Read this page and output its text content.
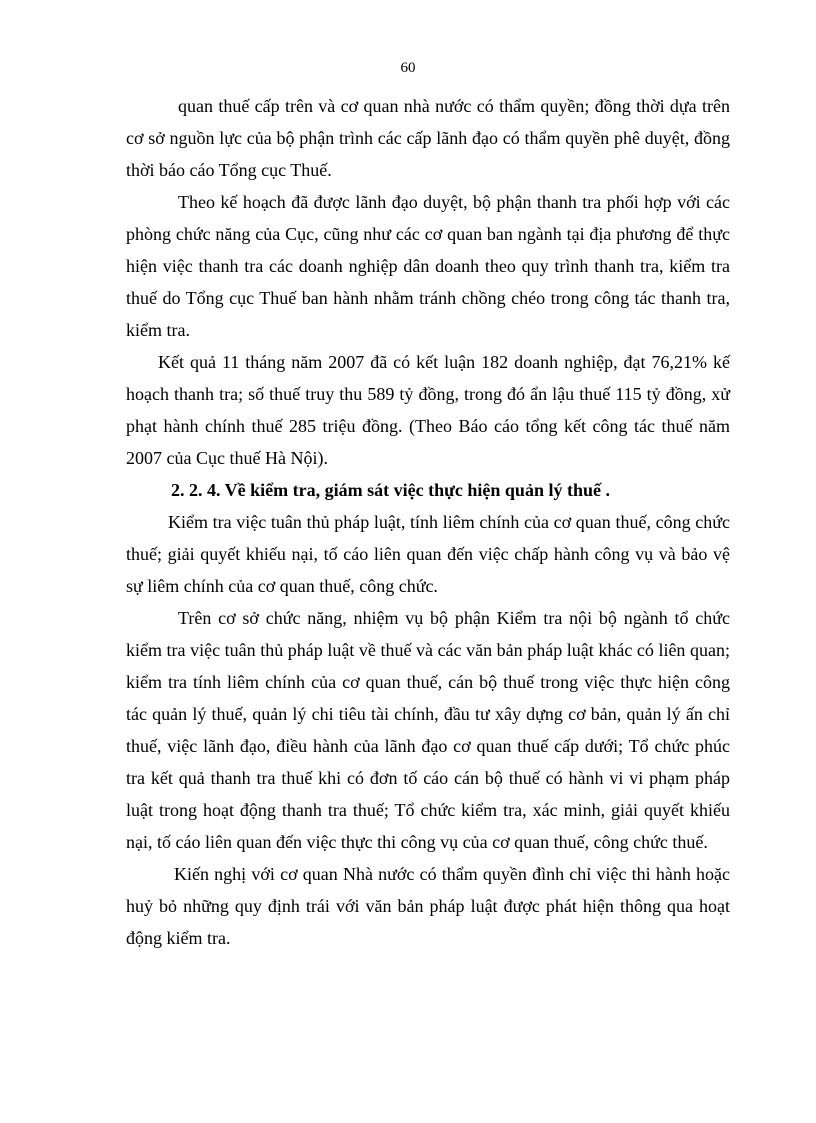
60

quan thuế cấp trên và cơ quan nhà nước có thẩm quyền; đồng thời dựa trên cơ sở nguồn lực của bộ phận trình các cấp lãnh đạo có thẩm quyền phê duyệt, đồng thời báo cáo Tổng cục Thuế.

Theo kế hoạch đã được lãnh đạo duyệt, bộ phận thanh tra phối hợp với các phòng chức năng của Cục, cũng như các cơ quan ban ngành tại địa phương để thực hiện việc thanh tra các doanh nghiệp dân doanh theo quy trình thanh tra, kiểm tra thuế do Tổng cục Thuế ban hành nhằm tránh chồng chéo trong công tác thanh tra, kiểm tra.

Kết quả 11 tháng năm 2007 đã có kết luận 182 doanh nghiệp, đạt 76,21% kế hoạch thanh tra; số thuế truy thu 589 tỷ đồng, trong đó ẩn lậu thuế 115 tỷ đồng, xử phạt hành chính thuế 285 triệu đồng. (Theo Báo cáo tổng kết công tác thuế năm 2007 của Cục thuế Hà Nội).

2. 2. 4. Về kiểm tra, giám sát việc thực hiện quản lý thuế .

Kiểm tra việc tuân thủ pháp luật, tính liêm chính của cơ quan thuế, công chức thuế; giải quyết khiếu nại, tố cáo liên quan đến việc chấp hành công vụ và bảo vệ sự liêm chính của cơ quan thuế, công chức.

Trên cơ sở chức năng, nhiệm vụ bộ phận Kiểm tra nội bộ ngành tổ chức kiểm tra việc tuân thủ pháp luật về thuế và các văn bản pháp luật khác có liên quan; kiểm tra tính liêm chính của cơ quan thuế, cán bộ thuế trong việc thực hiện công tác quản lý thuế, quản lý chi tiêu tài chính, đầu tư xây dựng cơ bản, quản lý ấn chỉ thuế, việc lãnh đạo, điều hành của lãnh đạo cơ quan thuế cấp dưới; Tổ chức phúc tra kết quả thanh tra thuế khi có đơn tố cáo cán bộ thuế có hành vi vi phạm pháp luật trong hoạt động thanh tra thuế; Tổ chức kiểm tra, xác minh, giải quyết khiếu nại, tố cáo liên quan đến việc thực thi công vụ của cơ quan thuế, công chức thuế.

Kiến nghị với cơ quan Nhà nước có thẩm quyền đình chỉ việc thi hành hoặc huỷ bỏ những quy định trái với văn bản pháp luật được phát hiện thông qua hoạt động kiểm tra.
